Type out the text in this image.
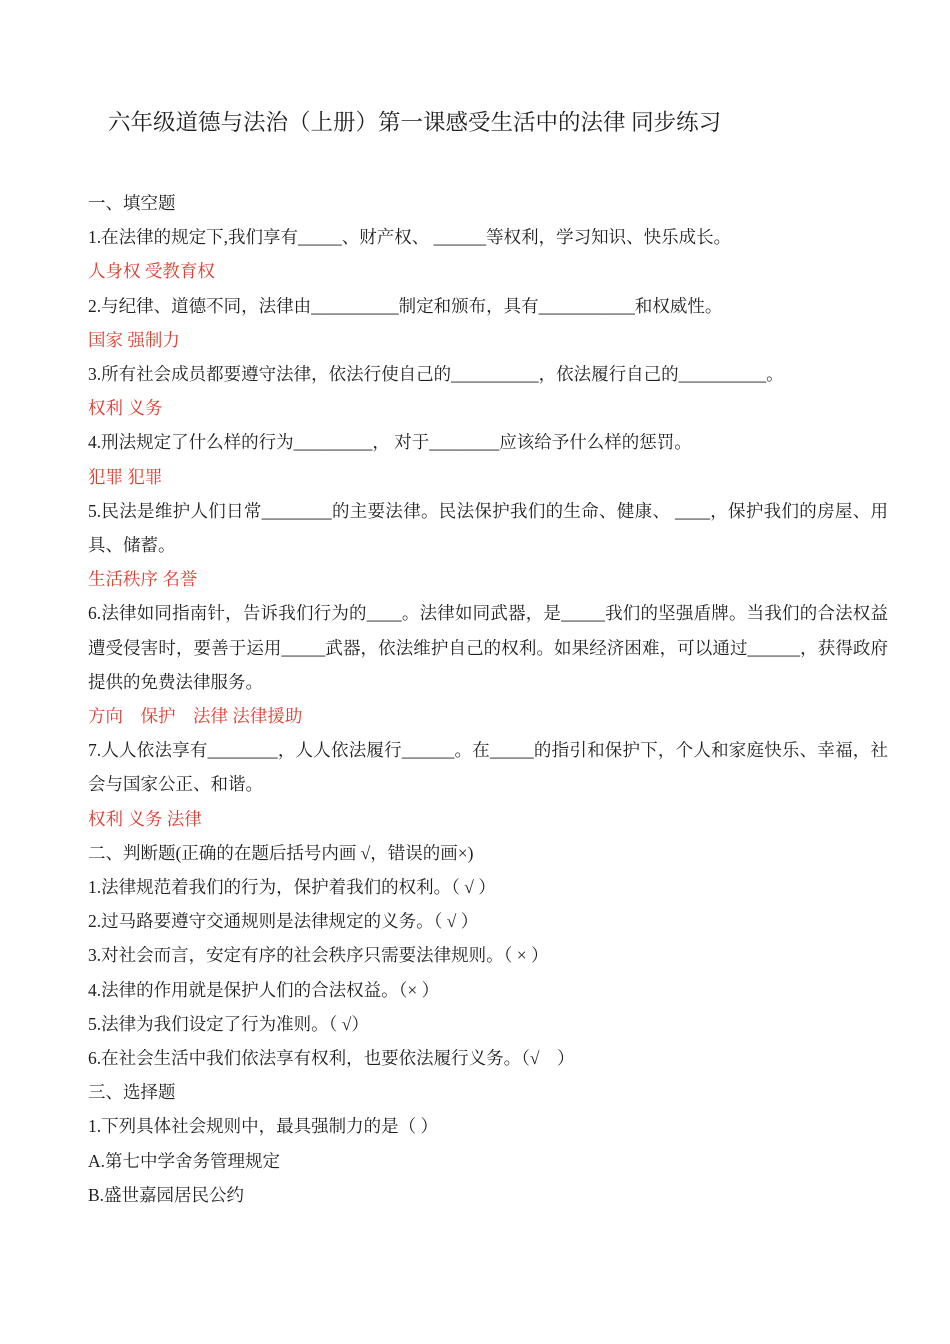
六年级道德与法治（上册）第一课感受生活中的法律 同步练习

一、填空题

1.在法律的规定下,我们享有_____、财产权、 ______等权利，学习知识、快乐成长。

人身权 受教育权

2.与纪律、道德不同，法律由__________制定和颁布，具有___________和权威性。

国家 强制力

3.所有社会成员都要遵守法律，依法行使自己的__________，依法履行自己的__________。

权利 义务

4.刑法规定了什么样的行为_________， 对于________应该给予什么样的惩罚。

犯罪 犯罪

5.民法是维护人们日常________的主要法律。民法保护我们的生命、健康、 ____，保护我们的房屋、用具、储蓄。

生活秩序 名誉

6.法律如同指南针，告诉我们行为的____。法律如同武器，是_____我们的坚强盾牌。当我们的合法权益遭受侵害时，要善于运用_____武器，依法维护自己的权利。如果经济困难，可以通过______，获得政府提供的免费法律服务。

方向　保护　法律 法律援助

7.人人依法享有________，人人依法履行______。在_____的指引和保护下，个人和家庭快乐、幸福，社会与国家公正、和谐。

权利 义务 法律

二、判断题(正确的在题后括号内画 √，错误的画×)

1.法律规范着我们的行为，保护着我们的权利。（ √ ）

2.过马路要遵守交通规则是法律规定的义务。（ √ ）

3.对社会而言，安定有序的社会秩序只需要法律规则。（ × ）

4.法律的作用就是保护人们的合法权益。（× ）

5.法律为我们设定了行为准则。（ √）

6.在社会生活中我们依法享有权利，也要依法履行义务。（√　）

三、选择题

1.下列具体社会规则中，最具强制力的是（ ）

A.第七中学舍务管理规定

B.盛世嘉园居民公约
